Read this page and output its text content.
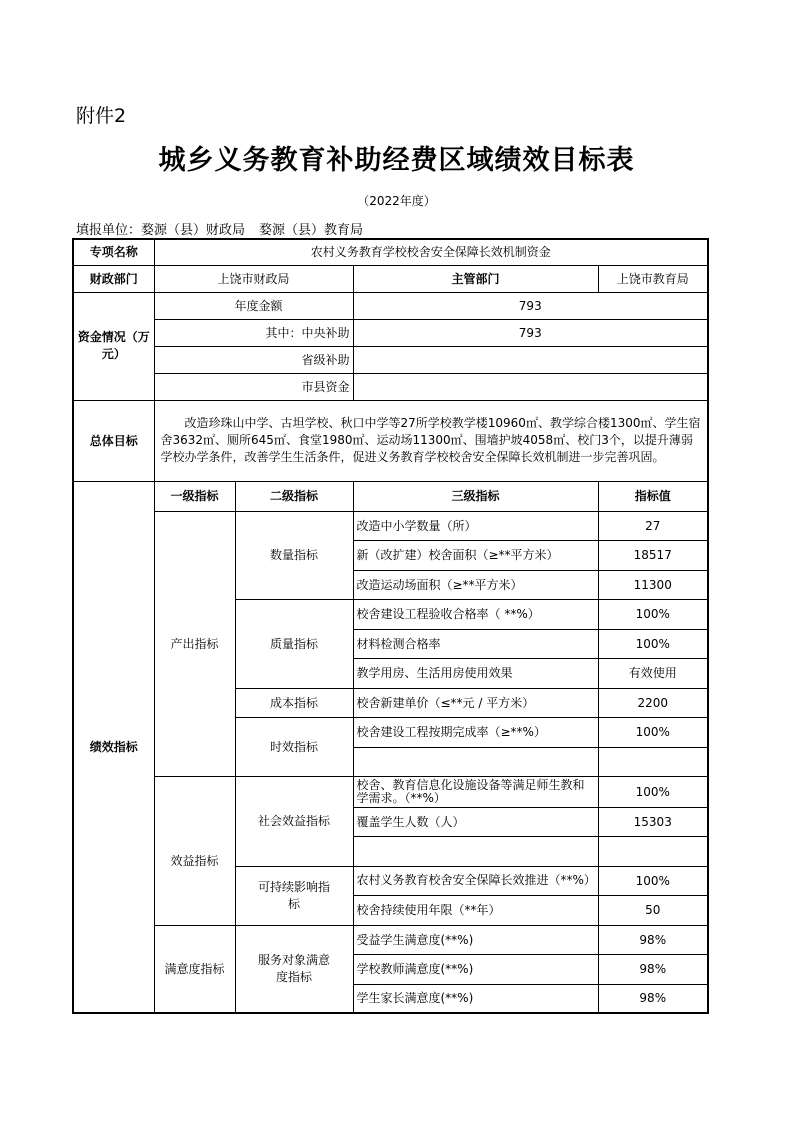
附件2
城乡义务教育补助经费区域绩效目标表
（2022年度）
填报单位：婺源（县）财政局 婺源（县）教育局
专项名称	农村义务教育学校校舍安全保障长效机制资金			
财政部门	上饶市财政局		主管部门	上饶市教育局
资金情况（万元）	年度金额		793	
	其中：中央补助		793	
	省级补助			
	市县资金			
总体目标	改造珍珠山中学、古坦学校、秋口中学等27所学校教学楼10960㎡、教学综合楼1300㎡、学生宿舍3632㎡、厕所645㎡、食堂1980㎡、运动场11300㎡、围墙护坡4058㎡、校门3个，以提升薄弱学校办学条件，改善学生生活条件，促进义务教育学校校舍安全保障长效机制进一步完善巩固。			
绩效指标	一级指标	二级指标	三级指标	指标值
	产出指标	数量指标	改造中小学数量（所）	27
			新（改扩建）校舍面积（≥**平方米）	18517
			改造运动场面积（≥**平方米）	11300
		质量指标	校舍建设工程验收合格率（ **%）	100%
			材料检测合格率	100%
			教学用房、生活用房使用效果	有效使用
		成本指标	校舍新建单价（≤**元 / 平方米）	2200
		时效指标	校舍建设工程按期完成率（≥**%）	100%

	效益指标	社会效益指标	校舍、教育信息化设施设备等满足师生教和学需求。（**%）	100%
			覆盖学生人数（人）	15303

		可持续影响指标	农村义务教育校舍安全保障长效推进（**%）	100%
			校舍持续使用年限（**年）	50
	满意度指标	服务对象满意度指标	受益学生满意度(**%)	98%
			学校教师满意度(**%)	98%
			学生家长满意度(**%)	98%
